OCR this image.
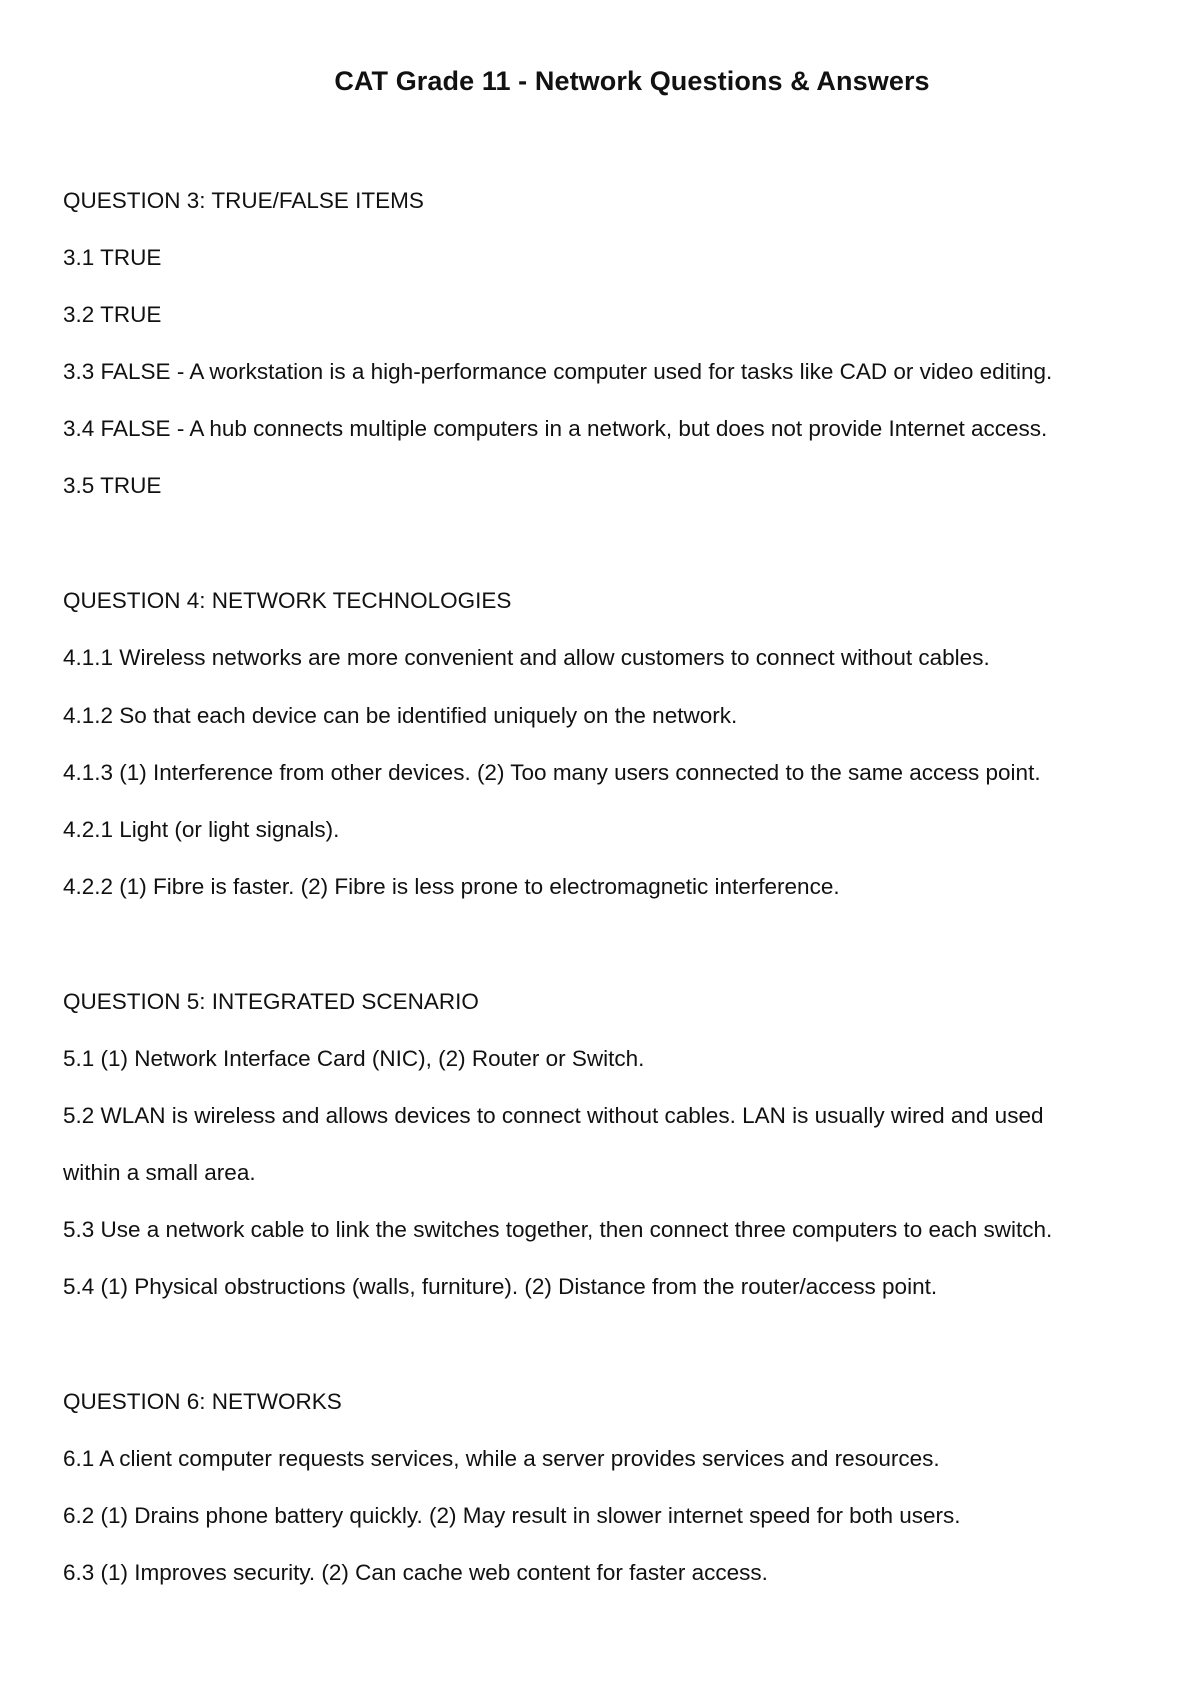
CAT Grade 11 - Network Questions & Answers
QUESTION 3: TRUE/FALSE ITEMS
3.1 TRUE
3.2 TRUE
3.3 FALSE - A workstation is a high-performance computer used for tasks like CAD or video editing.
3.4 FALSE - A hub connects multiple computers in a network, but does not provide Internet access.
3.5 TRUE
QUESTION 4: NETWORK TECHNOLOGIES
4.1.1 Wireless networks are more convenient and allow customers to connect without cables.
4.1.2 So that each device can be identified uniquely on the network.
4.1.3 (1) Interference from other devices. (2) Too many users connected to the same access point.
4.2.1 Light (or light signals).
4.2.2 (1) Fibre is faster. (2) Fibre is less prone to electromagnetic interference.
QUESTION 5: INTEGRATED SCENARIO
5.1 (1) Network Interface Card (NIC), (2) Router or Switch.
5.2 WLAN is wireless and allows devices to connect without cables. LAN is usually wired and used
within a small area.
5.3 Use a network cable to link the switches together, then connect three computers to each switch.
5.4 (1) Physical obstructions (walls, furniture). (2) Distance from the router/access point.
QUESTION 6: NETWORKS
6.1 A client computer requests services, while a server provides services and resources.
6.2 (1) Drains phone battery quickly. (2) May result in slower internet speed for both users.
6.3 (1) Improves security. (2) Can cache web content for faster access.
